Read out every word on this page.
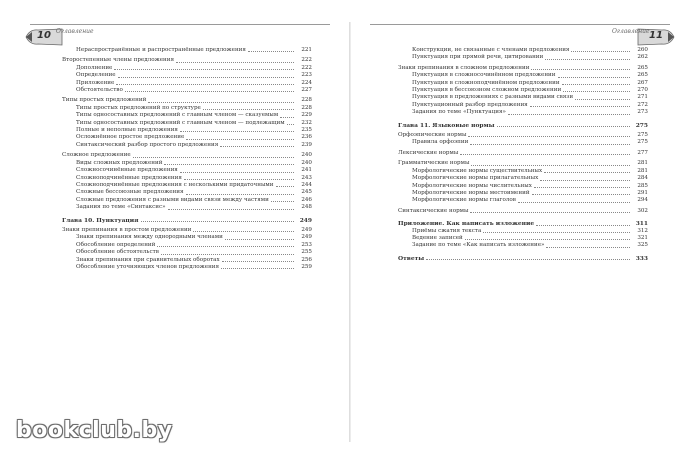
10	11
Оглавление	Оглавление
Нераспространённые и распространённые предложения	221
Второстепенные члены предложения	222
Дополнение	222
Определение	223
Приложение	224
Обстоятельство	227
Типы простых предложений	228
Типы простых предложений по структуре	228
Типы односоставных предложений с главным членом — сказуемым	229
Типы односоставных предложений с главным членом — подлежащим	232
Полные и неполные предложения	235
Осложнённое простое предложение	236
Синтаксический разбор простого предложения	239
Сложное предложение	240
Виды сложных предложений	240
Сложносочинённые предложения	241
Сложноподчинённые предложения	243
Сложноподчинённые предложения с несколькими придаточными	244
Сложные бессоюзные предложения	245
Сложные предложения с разными видами связи между частями	246
Задания по теме «Синтаксис»	248
Глава 10. Пунктуация	249
Знаки препинания в простом предложении	249
Знаки препинания между однородными членами	249
Обособление определений	253
Обособление обстоятельств	255
Знаки препинания при сравнительных оборотах	256
Обособление уточняющих членов предложения	259
Конструкции, не связанные с членами предложения	260
Пунктуация при прямой речи, цитировании	262
Знаки препинания в сложном предложении	265
Пунктуация в сложносочинённом предложении	265
Пунктуация в сложноподчинённом предложении	267
Пунктуация в бессоюзном сложном предложении	270
Пунктуация в предложениях с разными видами связи	271
Пунктуационный разбор предложения	272
Задания по теме «Пунктуация»	273
Глава 11. Языковые нормы	275
Орфоэпические нормы	275
Правила орфоэпии	275
Лексические нормы	277
Грамматические нормы	281
Морфологические нормы существительных	281
Морфологические нормы прилагательных	284
Морфологические нормы числительных	285
Морфологические нормы местоимений	291
Морфологические нормы глаголов	294
Синтаксические нормы	302
Приложение. Как написать изложение	311
Приёмы сжатия текста	312
Ведение записей	321
Задание по теме «Как написать изложение»	325
Ответы	333
bookclub.by
